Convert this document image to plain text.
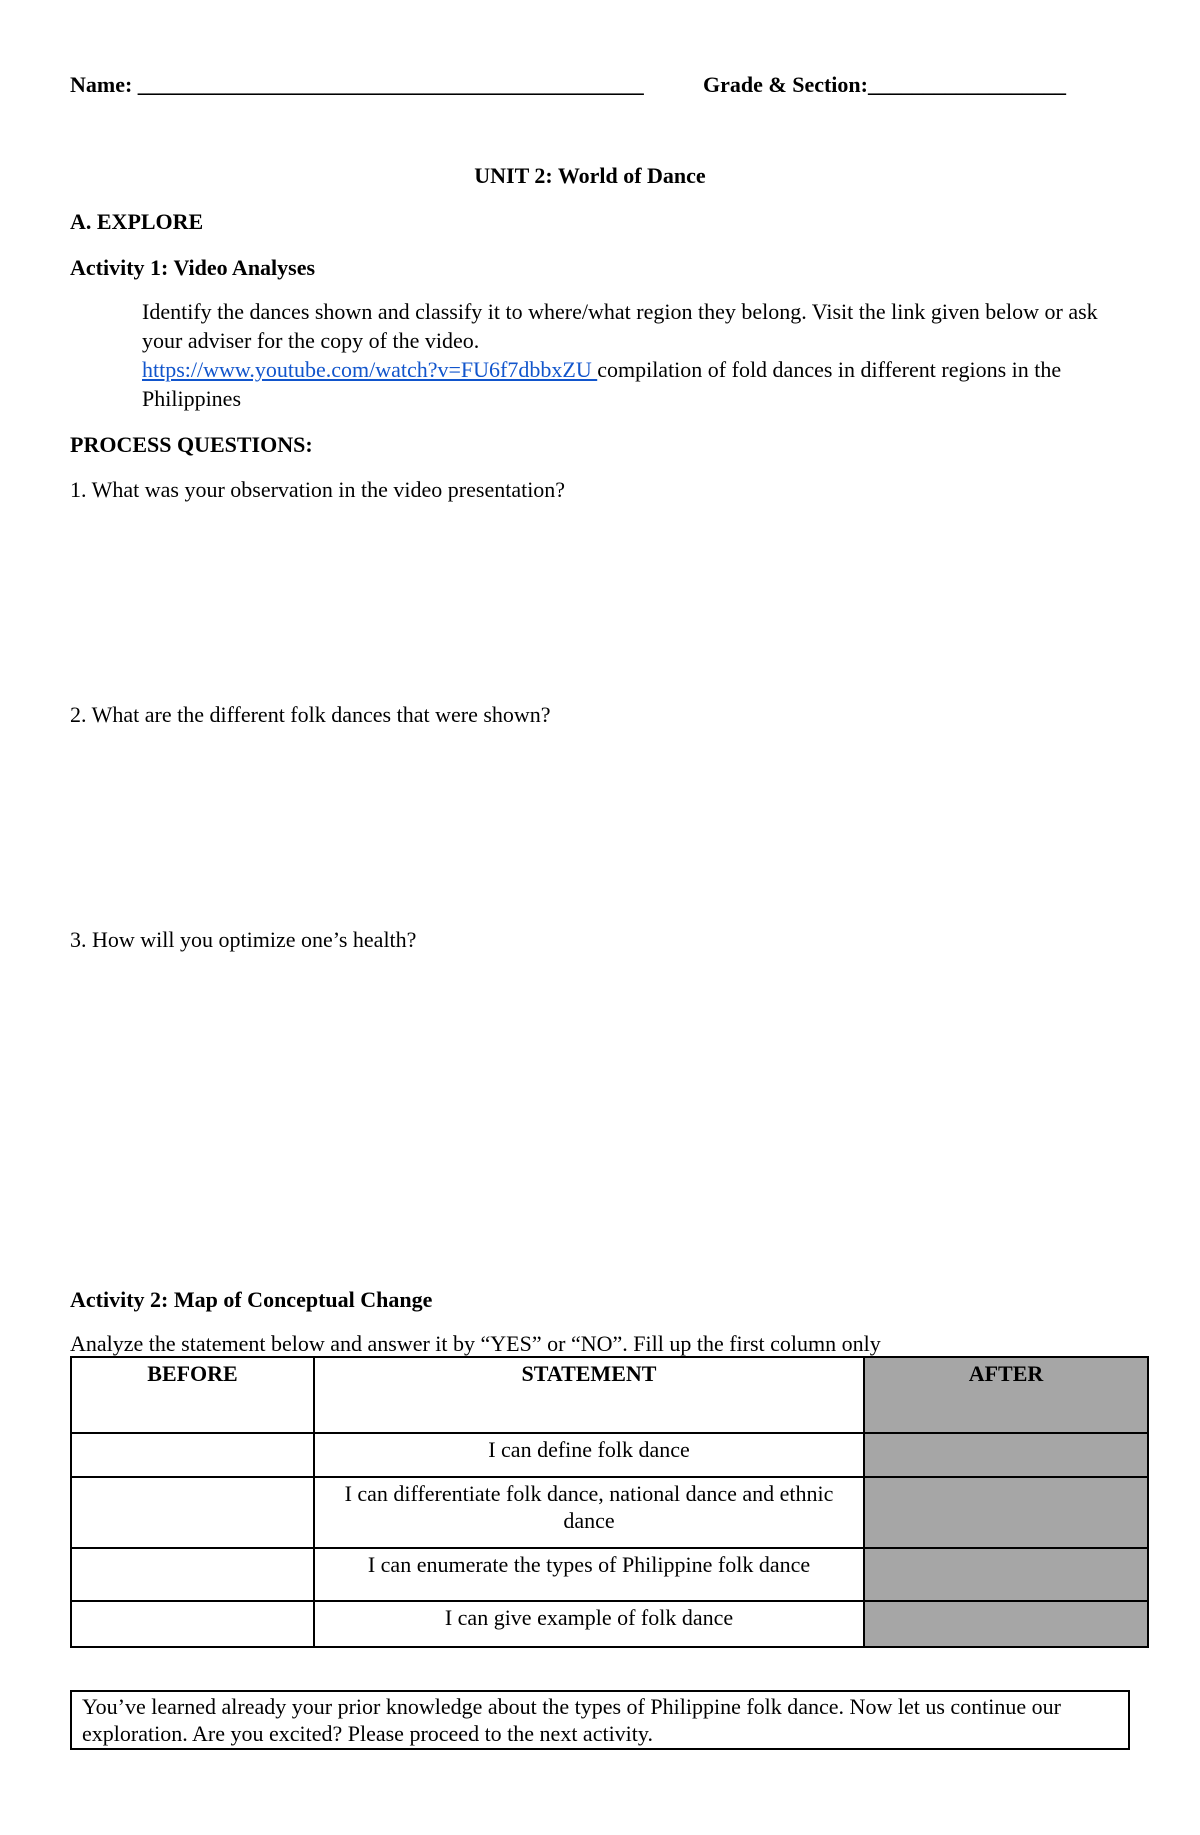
Name: ______________________________________________	Grade & Section:__________________
UNIT 2: World of Dance
A. EXPLORE
Activity 1: Video Analyses
Identify the dances shown and classify it to where/what region they belong. Visit the link given below or ask your adviser for the copy of the video.
https://www.youtube.com/watch?v=FU6f7dbbxZU compilation of fold dances in different regions in the Philippines
PROCESS QUESTIONS:
1. What was your observation in the video presentation?
2. What are the different folk dances that were shown?
3. How will you optimize one’s health?
Activity 2: Map of Conceptual Change
Analyze the statement below and answer it by “YES” or “NO”. Fill up the first column only
BEFORE	STATEMENT	AFTER
	I can define folk dance	
	I can differentiate folk dance, national dance and ethnic dance	
	I can enumerate the types of Philippine folk dance	
	I can give example of folk dance	
You’ve learned already your prior knowledge about the types of Philippine folk dance. Now let us continue our exploration. Are you excited? Please proceed to the next activity.
